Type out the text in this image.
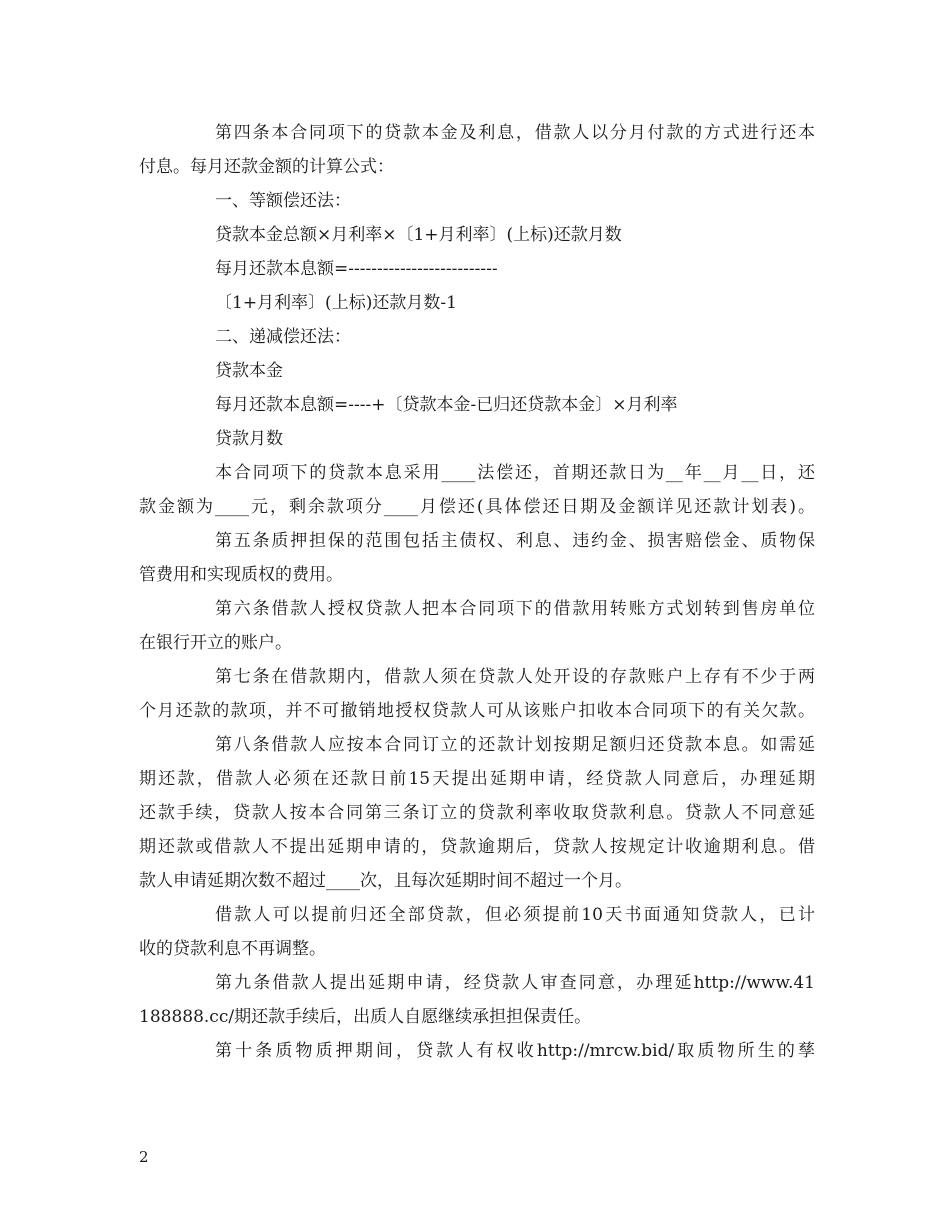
第四条本合同项下的贷款本金及利息，借款人以分月付款的方式进行还本
付息。每月还款金额的计算公式：
一、等额偿还法：
贷款本金总额×月利率×〔1+月利率〕(上标)还款月数
每月还款本息额=--------------------------
〔1+月利率〕(上标)还款月数-1
二、递减偿还法：
贷款本金
每月还款本息额=----+〔贷款本金-已归还贷款本金〕×月利率
贷款月数
本合同项下的贷款本息采用____法偿还，首期还款日为__年__月__日，还
款金额为____元，剩余款项分____月偿还(具体偿还日期及金额详见还款计划表)。
第五条质押担保的范围包括主债权、利息、违约金、损害赔偿金、质物保
管费用和实现质权的费用。
第六条借款人授权贷款人把本合同项下的借款用转账方式划转到售房单位
在银行开立的账户。
第七条在借款期内，借款人须在贷款人处开设的存款账户上存有不少于两
个月还款的款项，并不可撤销地授权贷款人可从该账户扣收本合同项下的有关欠款。
第八条借款人应按本合同订立的还款计划按期足额归还贷款本息。如需延
期还款，借款人必须在还款日前15天提出延期申请，经贷款人同意后，办理延期
还款手续，贷款人按本合同第三条订立的贷款利率收取贷款利息。贷款人不同意延
期还款或借款人不提出延期申请的，贷款逾期后，贷款人按规定计收逾期利息。借
款人申请延期次数不超过____次，且每次延期时间不超过一个月。
借款人可以提前归还全部贷款，但必须提前10天书面通知贷款人，已计
收的贷款利息不再调整。
第九条借款人提出延期申请，经贷款人审查同意，办理延http://www.41
188888.cc/期还款手续后，出质人自愿继续承担担保责任。
第十条质物质押期间，贷款人有权收http://mrcw.bid/取质物所生的孳
2
